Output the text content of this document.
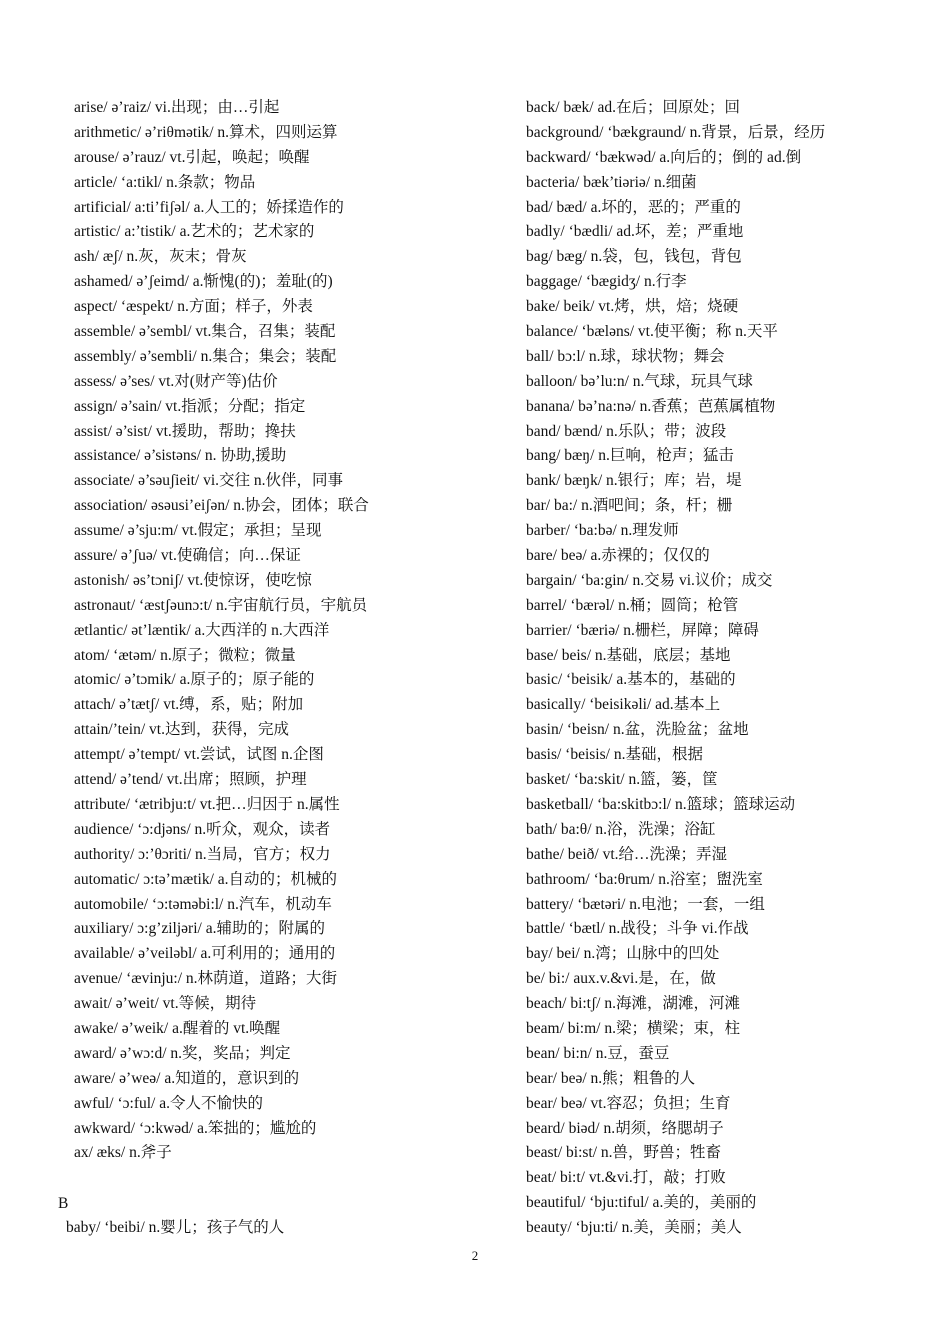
arise/ ə’raiz/ vi.出现；由…引起
arithmetic/ ə’riθmətik/ n.算术，四则运算
arouse/ ə’rauz/ vt.引起，唤起；唤醒
article/ ‘a:tikl/ n.条款；物品
artificial/ a:ti’fiʃəl/ a.人工的；娇揉造作的
artistic/ a:’tistik/ a.艺术的；艺术家的
ash/ æʃ/ n.灰，灰末；骨灰
ashamed/ ə’ʃeimd/ a.惭愧(的)；羞耻(的)
aspect/ ‘æspekt/ n.方面；样子，外表
assemble/ ə’sembl/ vt.集合，召集；装配
assembly/ ə’sembli/ n.集合；集会；装配
assess/ ə’ses/ vt.对(财产等)估价
assign/ ə’sain/ vt.指派；分配；指定
assist/ ə’sist/ vt.援助，帮助；搀扶
assistance/ ə’sistəns/ n. 协助,援助
associate/ ə’səuʃieit/ vi.交往 n.伙伴，同事
association/ əsəusi’eiʃən/ n.协会，团体；联合
assume/ ə’sju:m/ vt.假定；承担；呈现
assure/ ə’ʃuə/ vt.使确信；向…保证
astonish/ əs’tɔniʃ/ vt.使惊讶，使吃惊
astronaut/ ‘æstʃəunɔ:t/ n.宇宙航行员，宇航员
ætlantic/ ət’læntik/ a.大西洋的 n.大西洋
atom/ ‘ætəm/ n.原子；微粒；微量
atomic/ ə’tɔmik/ a.原子的；原子能的
attach/ ə’tætʃ/ vt.缚，系，贴；附加
attain/’tein/ vt.达到，获得，完成
attempt/ ə’tempt/ vt.尝试，试图 n.企图
attend/ ə’tend/ vt.出席；照顾，护理
attribute/ ‘ætribju:t/ vt.把…归因于 n.属性
audience/ ‘ɔ:djəns/ n.听众，观众，读者
authority/ ɔ:’θɔriti/ n.当局，官方；权力
automatic/ ɔ:tə’mætik/ a.自动的；机械的
automobile/ ‘ɔ:təməbi:l/ n.汽车，机动车
auxiliary/ ɔ:g’ziljəri/ a.辅助的；附属的
available/ ə’veiləbl/ a.可利用的；通用的
avenue/ ‘ævinju:/ n.林荫道，道路；大街
await/ ə’weit/ vt.等候，期待
awake/ ə’weik/ a.醒着的 vt.唤醒
award/ ə’wɔ:d/ n.奖，奖品；判定
aware/ ə’weə/ a.知道的，意识到的
awful/ ‘ɔ:ful/ a.令人不愉快的
awkward/ ‘ɔ:kwəd/ a.笨拙的；尴尬的
ax/ æks/ n.斧子
B
baby/ ‘beibi/ n.婴儿；孩子气的人
back/ bæk/ ad.在后；回原处；回
background/ ‘bækgraund/ n.背景，后景，经历
backward/ ‘bækwəd/ a.向后的；倒的 ad.倒
bacteria/ bæk’tiəriə/ n.细菌
bad/ bæd/ a.坏的，恶的；严重的
badly/ ‘bædli/ ad.坏，差；严重地
bag/ bæg/ n.袋，包，钱包，背包
baggage/ ‘bægidʒ/ n.行李
bake/ beik/ vt.烤，烘，焙；烧硬
balance/ ‘bæləns/ vt.使平衡；称 n.天平
ball/ bɔ:l/ n.球，球状物；舞会
balloon/ bə’lu:n/ n.气球，玩具气球
banana/ bə’na:nə/ n.香蕉；芭蕉属植物
band/ bænd/ n.乐队；带；波段
bang/ bæŋ/ n.巨响，枪声；猛击
bank/ bæŋk/ n.银行；库；岩，堤
bar/ ba:/ n.酒吧间；条，杆；栅
barber/ ‘ba:bə/ n.理发师
bare/ beə/ a.赤裸的；仅仅的
bargain/ ‘ba:gin/ n.交易 vi.议价；成交
barrel/ ‘bærəl/ n.桶；圆筒；枪管
barrier/ ‘bæriə/ n.栅栏，屏障；障碍
base/ beis/ n.基础，底层；基地
basic/ ‘beisik/ a.基本的，基础的
basically/ ‘beisikəli/ ad.基本上
basin/ ‘beisn/ n.盆，洗脸盆；盆地
basis/ ‘beisis/ n.基础，根据
basket/ ‘ba:skit/ n.篮，篓，筐
basketball/ ‘ba:skitbɔ:l/ n.篮球；篮球运动
bath/ ba:θ/ n.浴，洗澡；浴缸
bathe/ beið/ vt.给…洗澡；弄湿
bathroom/ ‘ba:θrum/ n.浴室；盥洗室
battery/ ‘bætəri/ n.电池；一套，一组
battle/ ‘bætl/ n.战役；斗争 vi.作战
bay/ bei/ n.湾；山脉中的凹处
be/ bi:/ aux.v.&vi.是，在，做
beach/ bi:tʃ/ n.海滩，湖滩，河滩
beam/ bi:m/ n.梁；横梁；束，柱
bean/ bi:n/ n.豆，蚕豆
bear/ beə/ n.熊；粗鲁的人
bear/ beə/ vt.容忍；负担；生育
beard/ biəd/ n.胡须，络腮胡子
beast/ bi:st/ n.兽，野兽；牲畜
beat/ bi:t/ vt.&vi.打，敲；打败
beautiful/ ‘bju:tiful/ a.美的，美丽的
beauty/ ‘bju:ti/ n.美，美丽；美人
2
